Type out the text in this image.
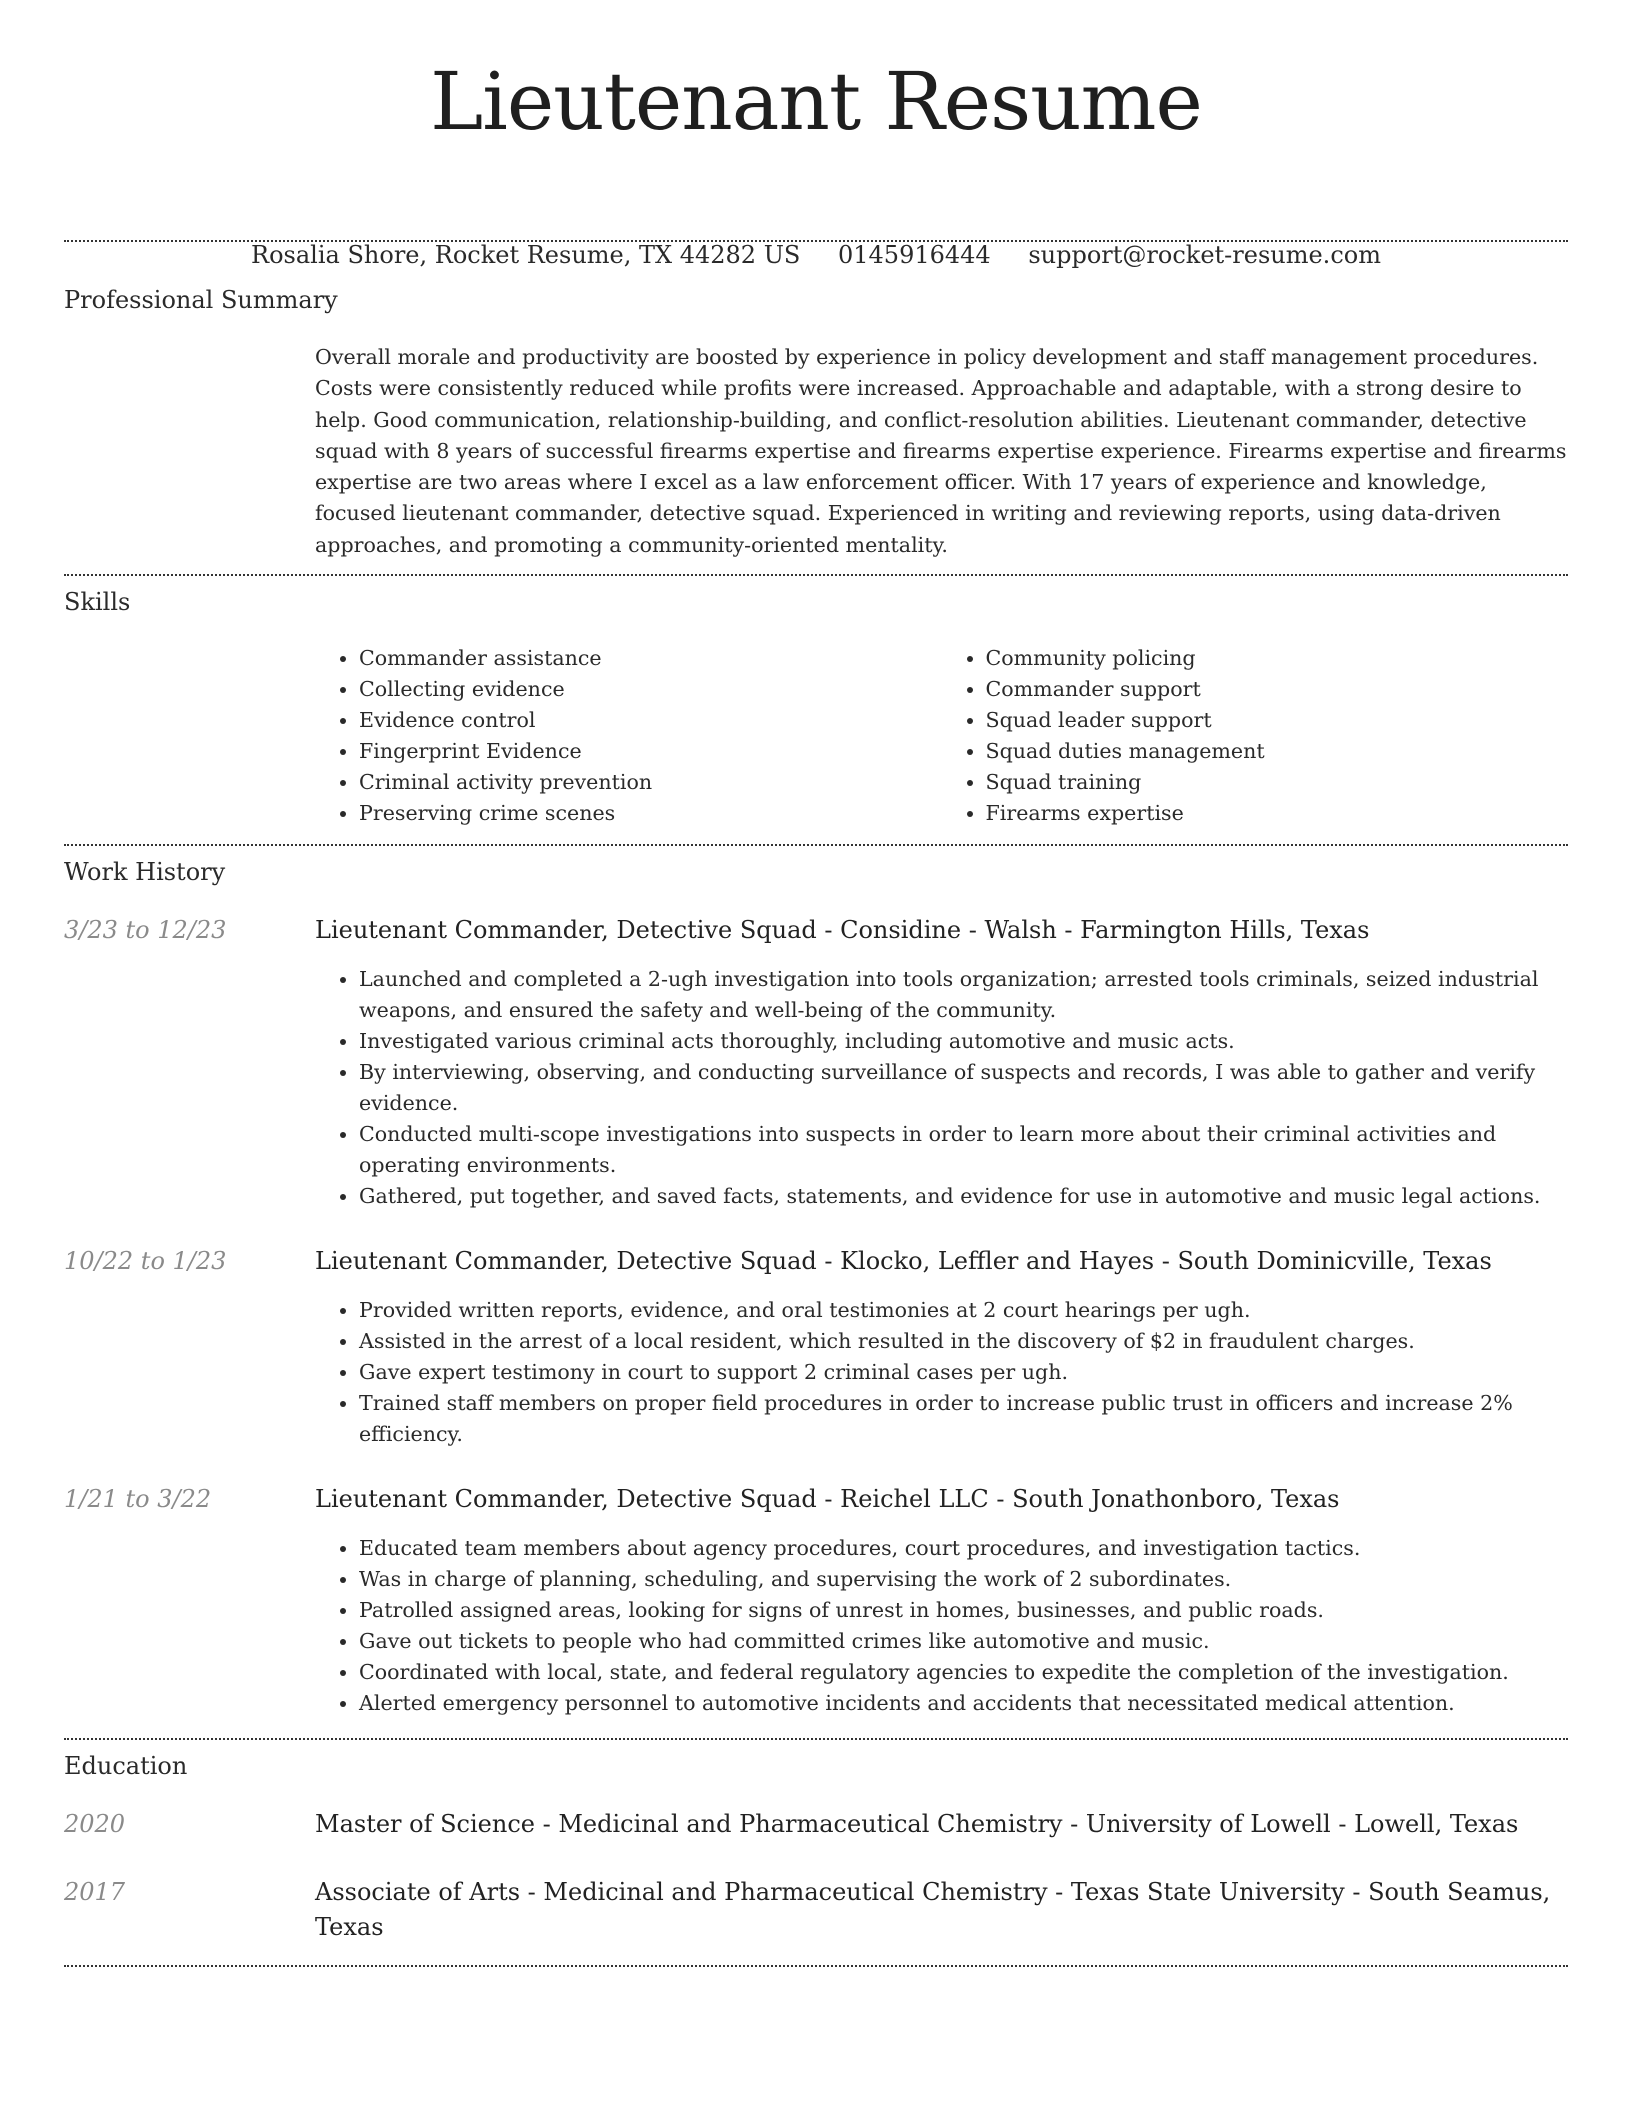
Lieutenant Resume
Rosalia Shore, Rocket Resume, TX 44282 US 0145916444 support@rocket-resume.com
Professional Summary

Overall morale and productivity are boosted by experience in policy development and staff management procedures. Costs were consistently reduced while profits were increased. Approachable and adaptable, with a strong desire to help. Good communication, relationship-building, and conflict-resolution abilities. Lieutenant commander, detective squad with 8 years of successful firearms expertise and firearms expertise experience. Firearms expertise and firearms expertise are two areas where I excel as a law enforcement officer. With 17 years of experience and knowledge, focused lieutenant commander, detective squad. Experienced in writing and reviewing reports, using data-driven approaches, and promoting a community-oriented mentality.

Skills
• Commander assistance
• Collecting evidence
• Evidence control
• Fingerprint Evidence
• Criminal activity prevention
• Preserving crime scenes
• Community policing
• Commander support
• Squad leader support
• Squad duties management
• Squad training
• Firearms expertise
Work History
3/23 to 12/23	Lieutenant Commander, Detective Squad - Considine - Walsh - Farmington Hills, Texas
• Launched and completed a 2-ugh investigation into tools organization; arrested tools criminals, seized industrial weapons, and ensured the safety and well-being of the community.
• Investigated various criminal acts thoroughly, including automotive and music acts.
• By interviewing, observing, and conducting surveillance of suspects and records, I was able to gather and verify evidence.
• Conducted multi-scope investigations into suspects in order to learn more about their criminal activities and operating environments.
• Gathered, put together, and saved facts, statements, and evidence for use in automotive and music legal actions.
10/22 to 1/23	Lieutenant Commander, Detective Squad - Klocko, Leffler and Hayes - South Dominicville, Texas
• Provided written reports, evidence, and oral testimonies at 2 court hearings per ugh.
• Assisted in the arrest of a local resident, which resulted in the discovery of $2 in fraudulent charges.
• Gave expert testimony in court to support 2 criminal cases per ugh.
• Trained staff members on proper field procedures in order to increase public trust in officers and increase 2% efficiency.
1/21 to 3/22	Lieutenant Commander, Detective Squad - Reichel LLC - South Jonathonboro, Texas
• Educated team members about agency procedures, court procedures, and investigation tactics.
• Was in charge of planning, scheduling, and supervising the work of 2 subordinates.
• Patrolled assigned areas, looking for signs of unrest in homes, businesses, and public roads.
• Gave out tickets to people who had committed crimes like automotive and music.
• Coordinated with local, state, and federal regulatory agencies to expedite the completion of the investigation.
• Alerted emergency personnel to automotive incidents and accidents that necessitated medical attention.
Education
2020	Master of Science - Medicinal and Pharmaceutical Chemistry - University of Lowell - Lowell, Texas
2017	Associate of Arts - Medicinal and Pharmaceutical Chemistry - Texas State University - South Seamus, Texas
